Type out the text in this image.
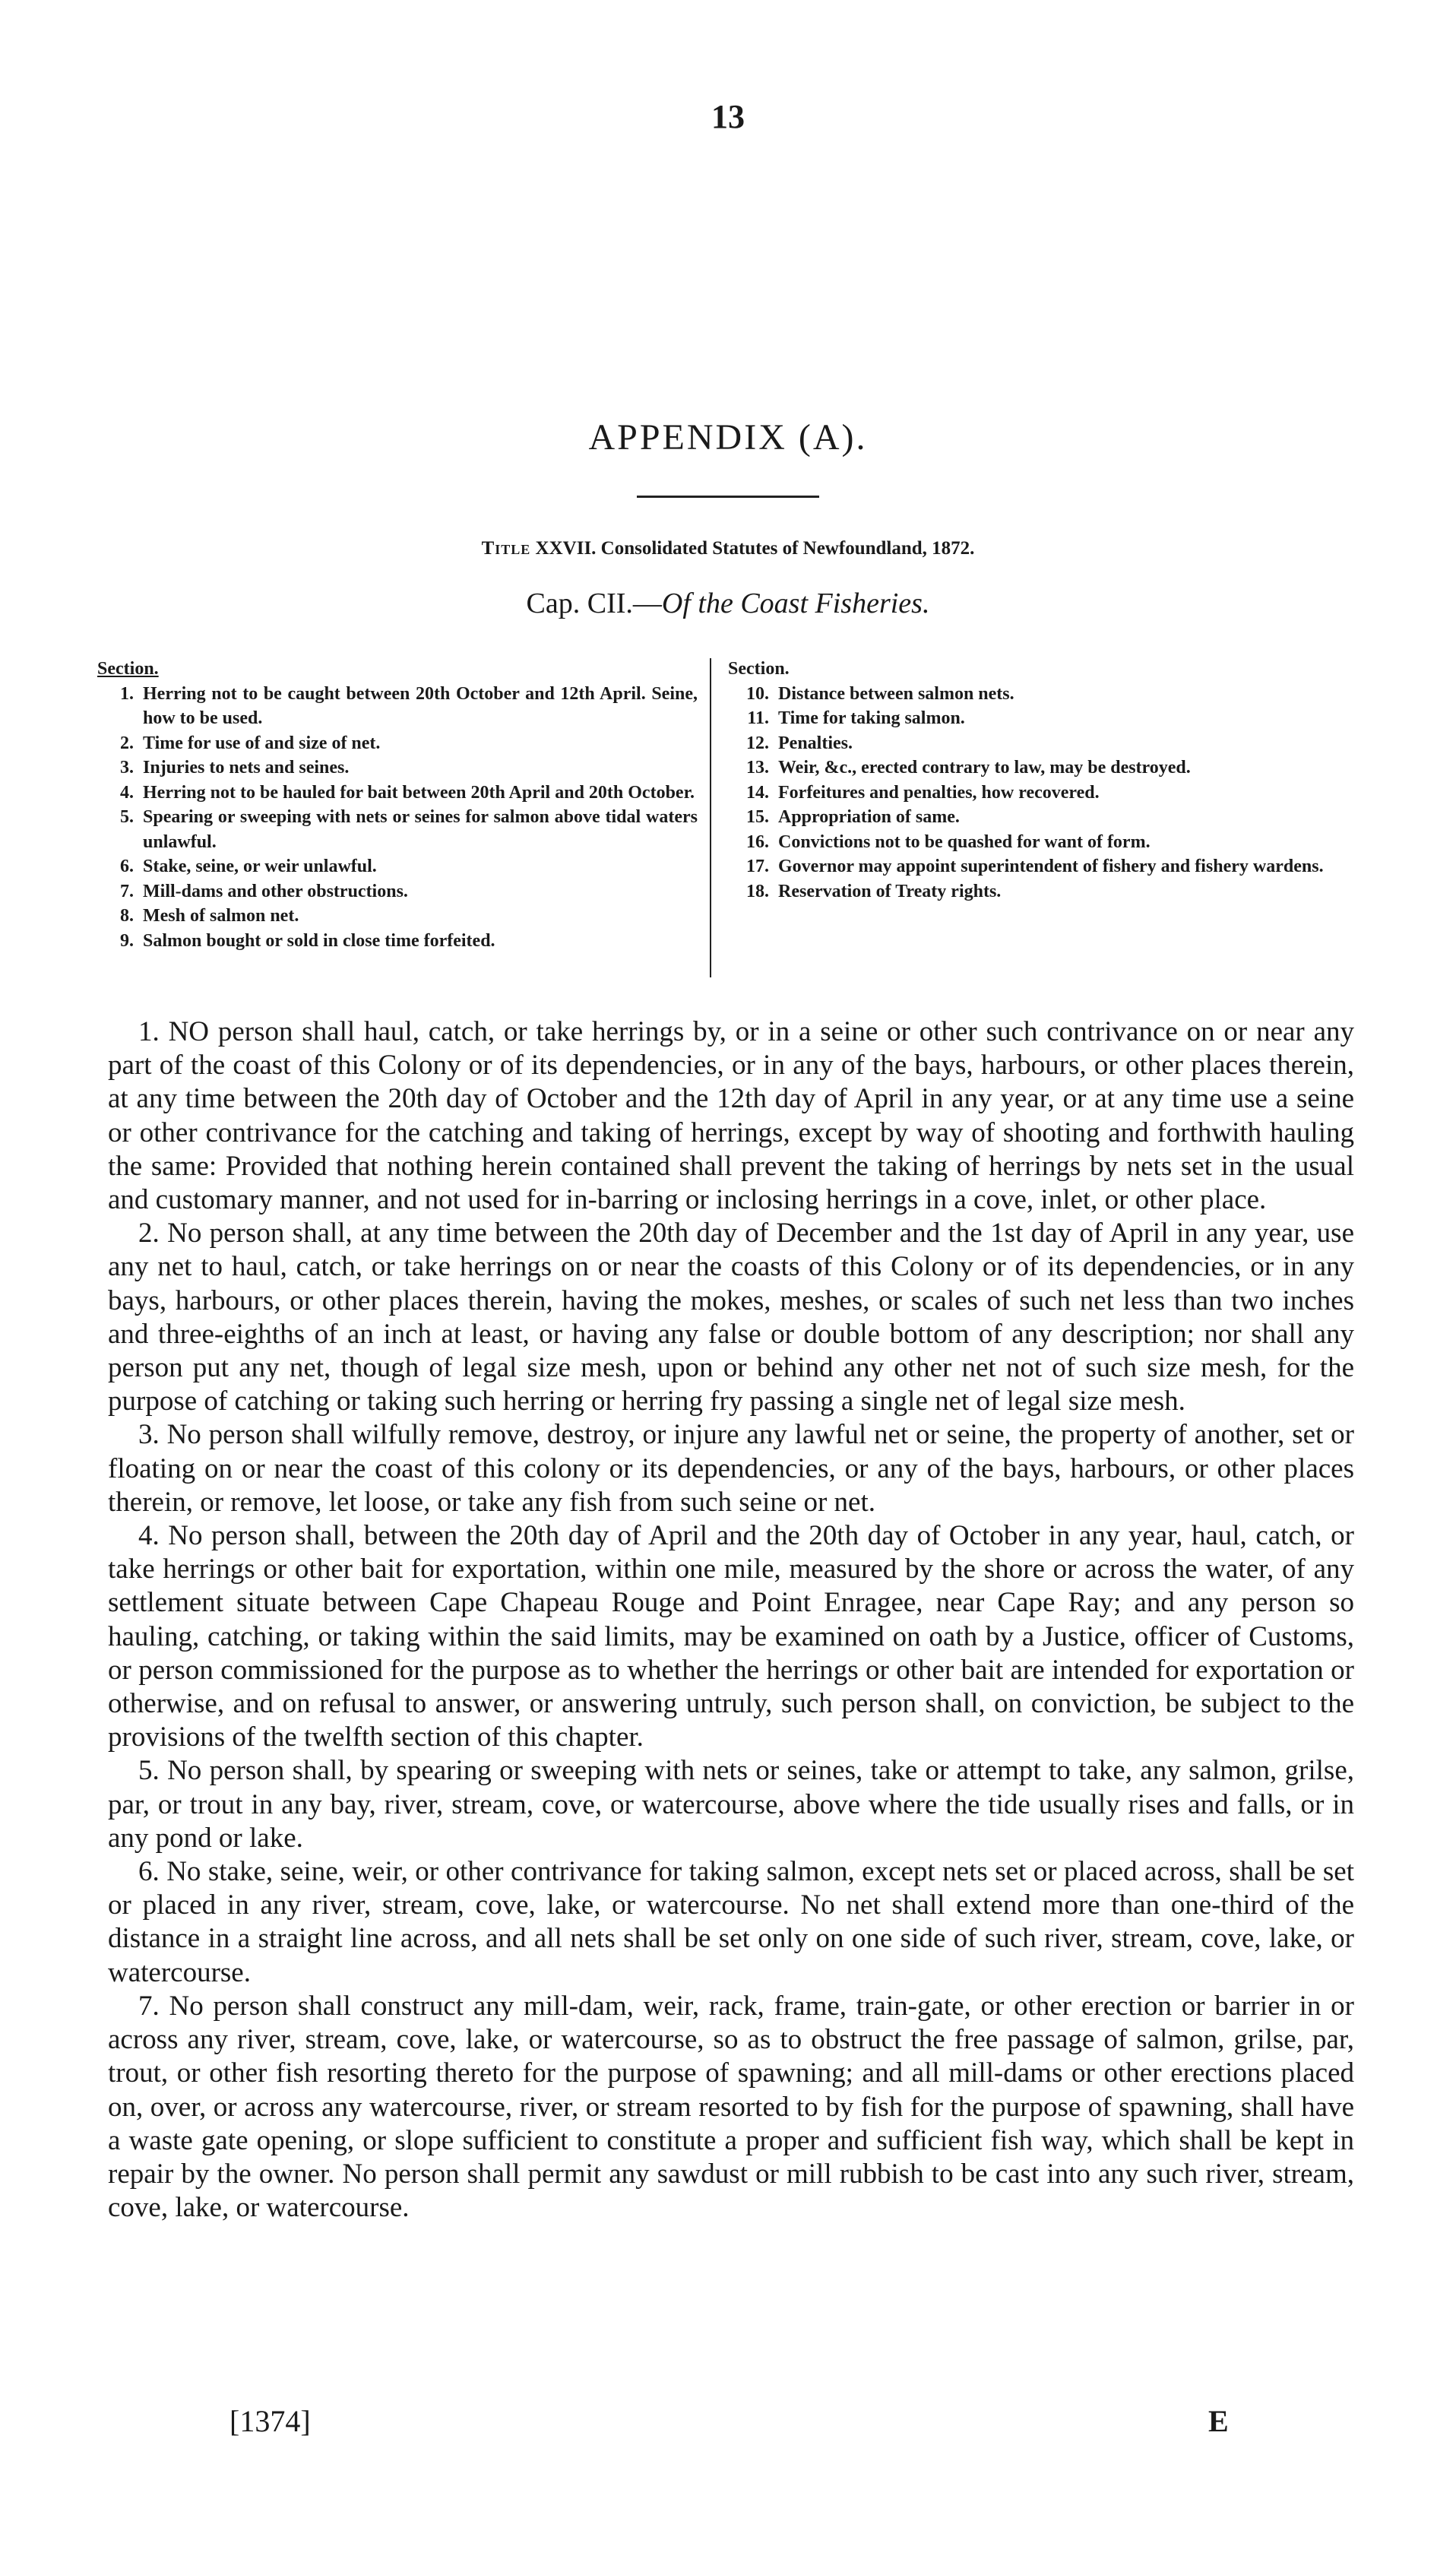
13
APPENDIX (A).
Title XXVII. Consolidated Statutes of Newfoundland, 1872.
Cap. CII.—Of the Coast Fisheries.
Section.
1. Herring not to be caught between 20th October and 12th April. Seine, how to be used.
2. Time for use of and size of net.
3. Injuries to nets and seines.
4. Herring not to be hauled for bait between 20th April and 20th October.
5. Spearing or sweeping with nets or seines for salmon above tidal waters unlawful.
6. Stake, seine, or weir unlawful.
7. Mill-dams and other obstructions.
8. Mesh of salmon net.
9. Salmon bought or sold in close time forfeited.
Section.
10. Distance between salmon nets.
11. Time for taking salmon.
12. Penalties.
13. Weir, &c., erected contrary to law, may be destroyed.
14. Forfeitures and penalties, how recovered.
15. Appropriation of same.
16. Convictions not to be quashed for want of form.
17. Governor may appoint superintendent of fishery and fishery wardens.
18. Reservation of Treaty rights.

1. NO person shall haul, catch, or take herrings by, or in a seine or other such contrivance on or near any part of the coast of this Colony or of its dependencies, or in any of the bays, harbours, or other places therein, at any time between the 20th day of October and the 12th day of April in any year, or at any time use a seine or other contrivance for the catching and taking of herrings, except by way of shooting and forthwith hauling the same: Provided that nothing herein contained shall prevent the taking of herrings by nets set in the usual and customary manner, and not used for in-barring or inclosing herrings in a cove, inlet, or other place.

2. No person shall, at any time between the 20th day of December and the 1st day of April in any year, use any net to haul, catch, or take herrings on or near the coasts of this Colony or of its dependencies, or in any bays, harbours, or other places therein, having the mokes, meshes, or scales of such net less than two inches and three-eighths of an inch at least, or having any false or double bottom of any description; nor shall any person put any net, though of legal size mesh, upon or behind any other net not of such size mesh, for the purpose of catching or taking such herring or herring fry passing a single net of legal size mesh.

3. No person shall wilfully remove, destroy, or injure any lawful net or seine, the property of another, set or floating on or near the coast of this colony or its dependencies, or any of the bays, harbours, or other places therein, or remove, let loose, or take any fish from such seine or net.

4. No person shall, between the 20th day of April and the 20th day of October in any year, haul, catch, or take herrings or other bait for exportation, within one mile, measured by the shore or across the water, of any settlement situate between Cape Chapeau Rouge and Point Enragee, near Cape Ray; and any person so hauling, catching, or taking within the said limits, may be examined on oath by a Justice, officer of Customs, or person commissioned for the purpose as to whether the herrings or other bait are intended for exportation or otherwise, and on refusal to answer, or answering untruly, such person shall, on conviction, be subject to the provisions of the twelfth section of this chapter.

5. No person shall, by spearing or sweeping with nets or seines, take or attempt to take, any salmon, grilse, par, or trout in any bay, river, stream, cove, or watercourse, above where the tide usually rises and falls, or in any pond or lake.

6. No stake, seine, weir, or other contrivance for taking salmon, except nets set or placed across, shall be set or placed in any river, stream, cove, lake, or watercourse. No net shall extend more than one-third of the distance in a straight line across, and all nets shall be set only on one side of such river, stream, cove, lake, or watercourse.

7. No person shall construct any mill-dam, weir, rack, frame, train-gate, or other erection or barrier in or across any river, stream, cove, lake, or watercourse, so as to obstruct the free passage of salmon, grilse, par, trout, or other fish resorting thereto for the purpose of spawning; and all mill-dams or other erections placed on, over, or across any watercourse, river, or stream resorted to by fish for the purpose of spawning, shall have a waste gate opening, or slope sufficient to constitute a proper and sufficient fish way, which shall be kept in repair by the owner. No person shall permit any sawdust or mill rubbish to be cast into any such river, stream, cove, lake, or watercourse.

[1374]	E
